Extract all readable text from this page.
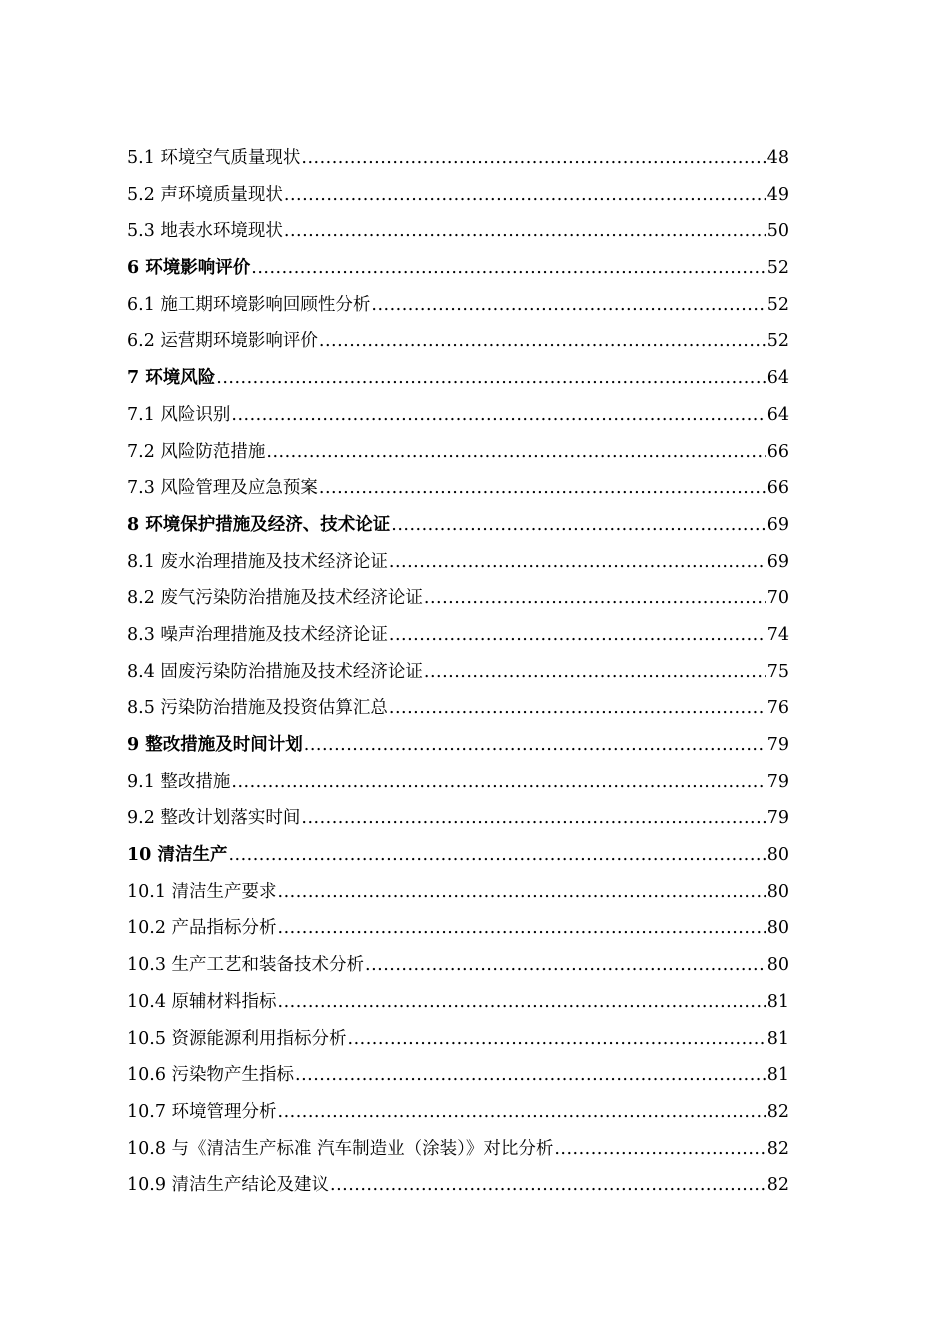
5.1 环境空气质量现状 .....	48
5.2 声环境质量现状 .....	49
5.3 地表水环境现状 .....	50
6 环境影响评价 .....	52
6.1 施工期环境影响回顾性分析 .....	52
6.2 运营期环境影响评价 .....	52
7 环境风险 .....	64
7.1 风险识别 .....	64
7.2 风险防范措施 .....	66
7.3 风险管理及应急预案 .....	66
8 环境保护措施及经济、技术论证 .....	69
8.1 废水治理措施及技术经济论证 .....	69
8.2 废气污染防治措施及技术经济论证 .....	70
8.3 噪声治理措施及技术经济论证 .....	74
8.4 固废污染防治措施及技术经济论证 .....	75
8.5 污染防治措施及投资估算汇总 .....	76
9 整改措施及时间计划 .....	79
9.1 整改措施 .....	79
9.2 整改计划落实时间 .....	79
10 清洁生产 .....	80
10.1 清洁生产要求 .....	80
10.2 产品指标分析 .....	80
10.3 生产工艺和装备技术分析 .....	80
10.4 原辅材料指标 .....	81
10.5 资源能源利用指标分析 .....	81
10.6 污染物产生指标 .....	81
10.7 环境管理分析 .....	82
10.8 与《清洁生产标准 汽车制造业（涂装）》对比分析 .....	82
10.9 清洁生产结论及建议 .....	82
